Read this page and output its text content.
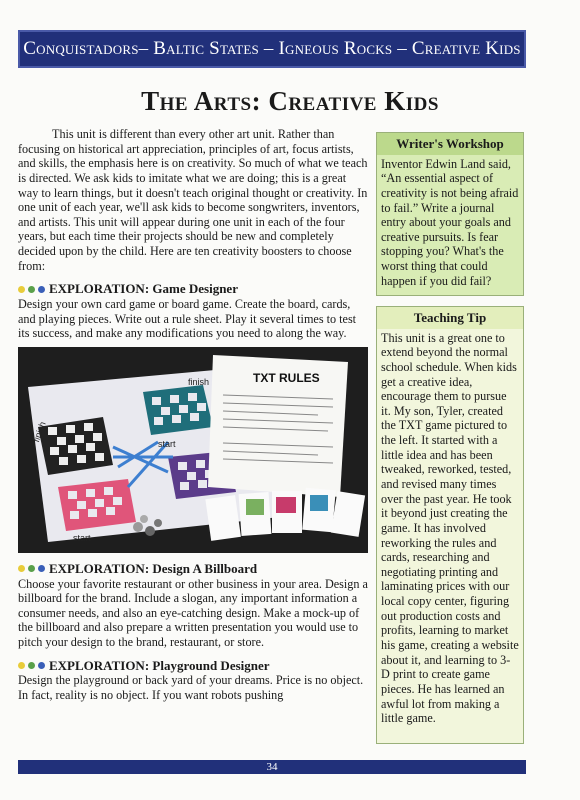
Conquistadors– Baltic States – Igneous Rocks – Creative Kids
The Arts: Creative Kids

This unit is different than every other art unit. Rather than focusing on historical art appreciation, principles of art, focus artists, and skills, the emphasis here is on creativity. So much of what we teach is directed. We ask kids to imitate what we are doing; this is a great way to learn things, but it doesn't teach original thought or creativity. In one unit of each year, we'll ask kids to become songwriters, inventors, and artists. This unit will appear during one unit in each of the four years, but each time their projects should be new and completely decided upon by the child. Here are ten creativity boosters to choose from:

EXPLORATION: Game Designer

Design your own card game or board game. Create the board, cards, and playing pieces. Write out a rule sheet. Play it several times to test its success, and make any modifications you need to along the way.

TXT RULES
finish
finish
start
start
EXPLORATION: Design A Billboard

Choose your favorite restaurant or other business in your area. Design a billboard for the brand. Include a slogan, any important information a consumer needs, and also an eye-catching design. Make a mock-up of the billboard and also prepare a written presentation you would use to pitch your design to the brand, restaurant, or store.

EXPLORATION: Playground Designer

Design the playground or back yard of your dreams. Price is no object. In fact, reality is no object. If you want robots pushing

Writer's Workshop
Inventor Edwin Land said, “An essential aspect of creativity is not being afraid to fail.” Write a journal entry about your goals and creative pursuits. Is fear stopping you? What's the worst thing that could happen if you did fail?
Teaching Tip
This unit is a great one to extend beyond the normal school schedule. When kids get a creative idea, encourage them to pursue it. My son, Tyler, created the TXT game pictured to the left. It started with a little idea and has been tweaked, reworked, tested, and revised many times over the past year. He took it beyond just creating the game. It has involved reworking the rules and cards, researching and negotiating printing and laminating prices with our local copy center, figuring out production costs and profits, learning to market his game, creating a website about it, and learning to 3-D print to create game pieces. He has learned an awful lot from making a little game.
34
